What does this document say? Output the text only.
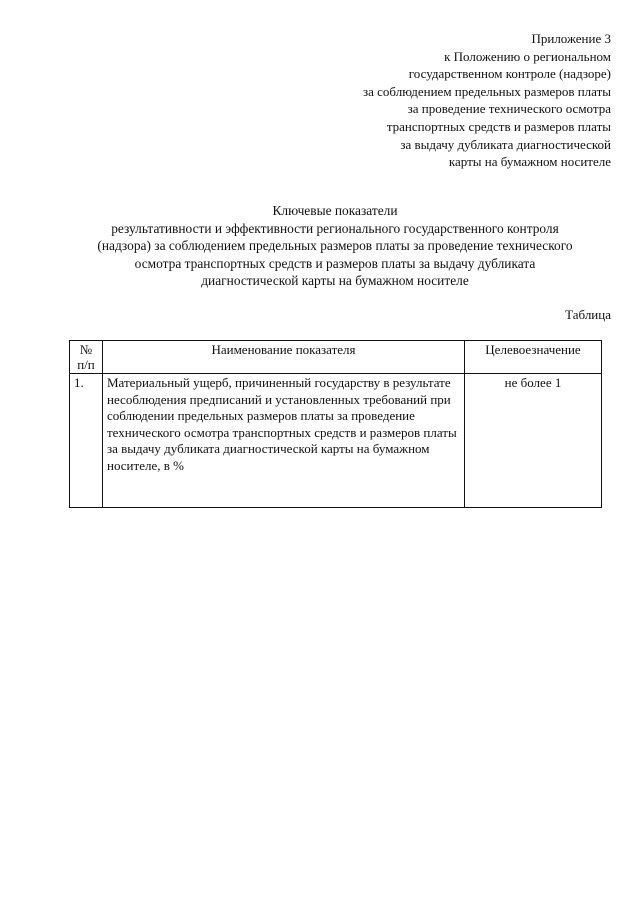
Приложение 3
к Положению о региональном
государственном контроле (надзоре)
за соблюдением предельных размеров платы
за проведение технического осмотра
транспортных средств и размеров платы
за выдачу дубликата диагностической
карты на бумажном носителе
Ключевые показатели
результативности и эффективности регионального государственного контроля
(надзора) за соблюдением предельных размеров платы за проведение технического
осмотра транспортных средств и размеров платы за выдачу дубликата
диагностической карты на бумажном носителе
Таблица
№ п/п	Наименование показателя	Целевоезначение
1.	Материальный ущерб, причиненный государству в результате несоблюдения предписаний и установленных требований при соблюдении предельных размеров платы за проведение технического осмотра транспортных средств и размеров платы за выдачу дубликата диагностической карты на бумажном носителе, в %	не более 1
